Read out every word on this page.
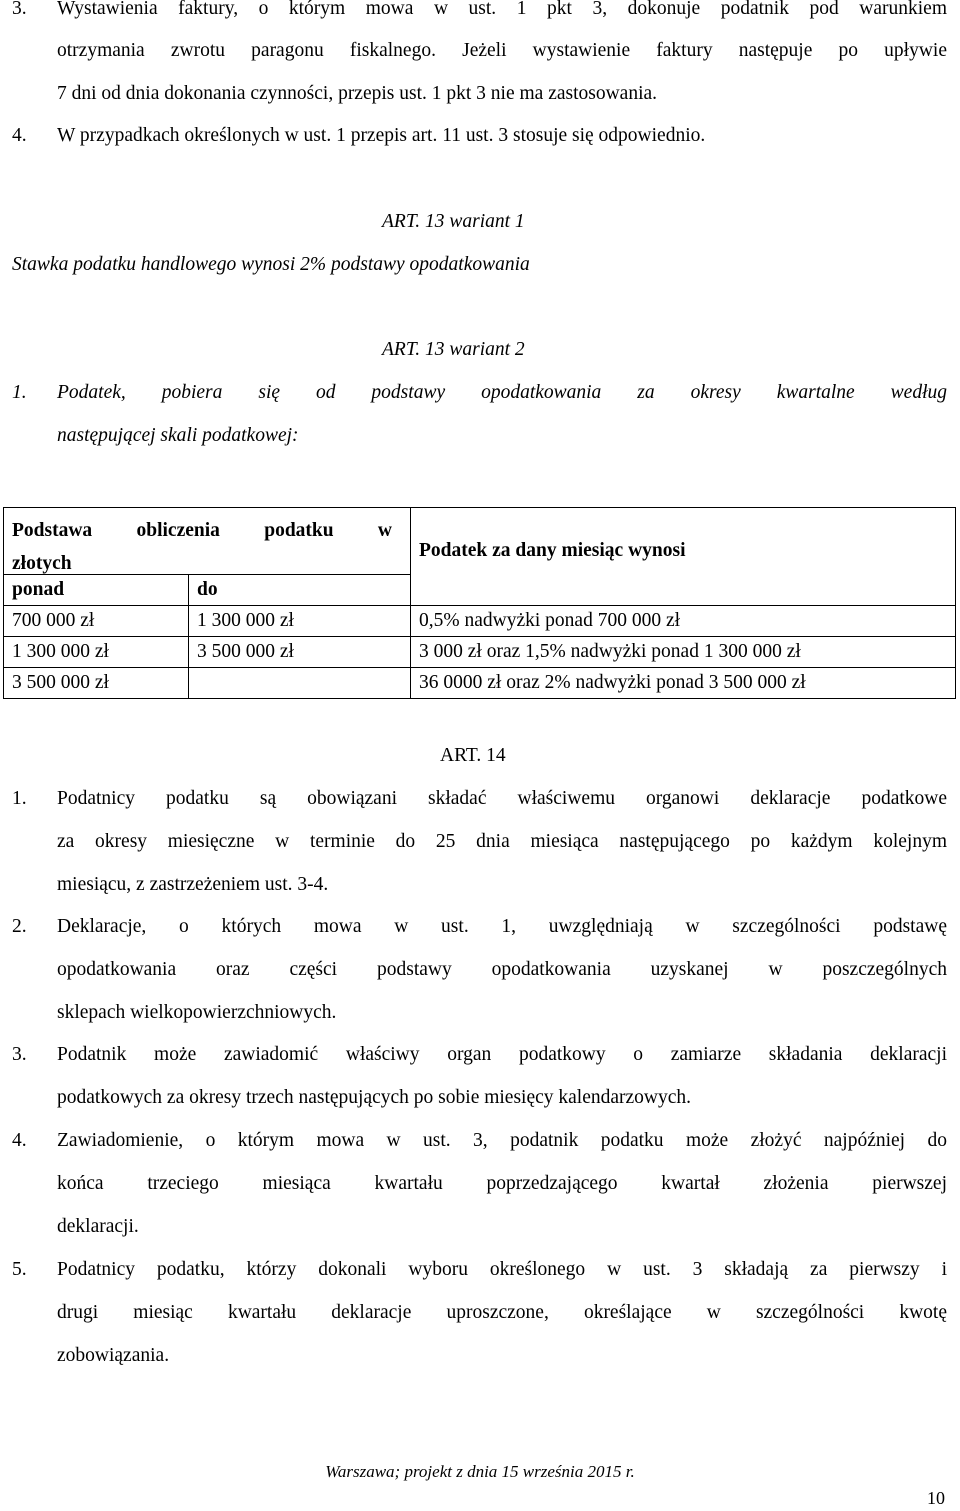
3. Wystawienia faktury, o którym mowa w ust. 1 pkt 3, dokonuje podatnik pod warunkiem
otrzymania zwrotu paragonu fiskalnego. Jeżeli wystawienie faktury następuje po upływie
7 dni od dnia dokonania czynności, przepis ust. 1 pkt 3 nie ma zastosowania.
4. W przypadkach określonych w ust. 1 przepis art. 11 ust. 3 stosuje się odpowiednio.
ART. 13 wariant 1
Stawka podatku handlowego wynosi 2% podstawy opodatkowania
ART. 13 wariant 2
1. Podatek, pobiera się od podstawy opodatkowania za okresy kwartalne według
następującej skali podatkowej:
Podstawa obliczenia podatku w
złotych		Podatek za dany miesiąc wynosi
ponad	do	
700 000 zł	1 300 000 zł	0,5% nadwyżki ponad 700 000 zł
1 300 000 zł	3 500 000 zł	3 000 zł oraz 1,5% nadwyżki ponad 1 300 000 zł
3 500 000 zł		36 0000 zł oraz 2% nadwyżki ponad 3 500 000 zł
ART. 14
1. Podatnicy podatku są obowiązani składać właściwemu organowi deklaracje podatkowe
za okresy miesięczne w terminie do 25 dnia miesiąca następującego po każdym kolejnym
miesiącu, z zastrzeżeniem ust. 3-4.
2. Deklaracje, o których mowa w ust. 1, uwzględniają w szczególności podstawę
opodatkowania oraz części podstawy opodatkowania uzyskanej w poszczególnych
sklepach wielkopowierzchniowych.
3. Podatnik może zawiadomić właściwy organ podatkowy o zamiarze składania deklaracji
podatkowych za okresy trzech następujących po sobie miesięcy kalendarzowych.
4. Zawiadomienie, o którym mowa w ust. 3, podatnik podatku może złożyć najpóźniej do
końca trzeciego miesiąca kwartału poprzedzającego kwartał złożenia pierwszej
deklaracji.
5. Podatnicy podatku, którzy dokonali wyboru określonego w ust. 3 składają za pierwszy i
drugi miesiąc kwartału deklaracje uproszczone, określające w szczególności kwotę
zobowiązania.
Warszawa; projekt z dnia 15 września 2015 r.
10
